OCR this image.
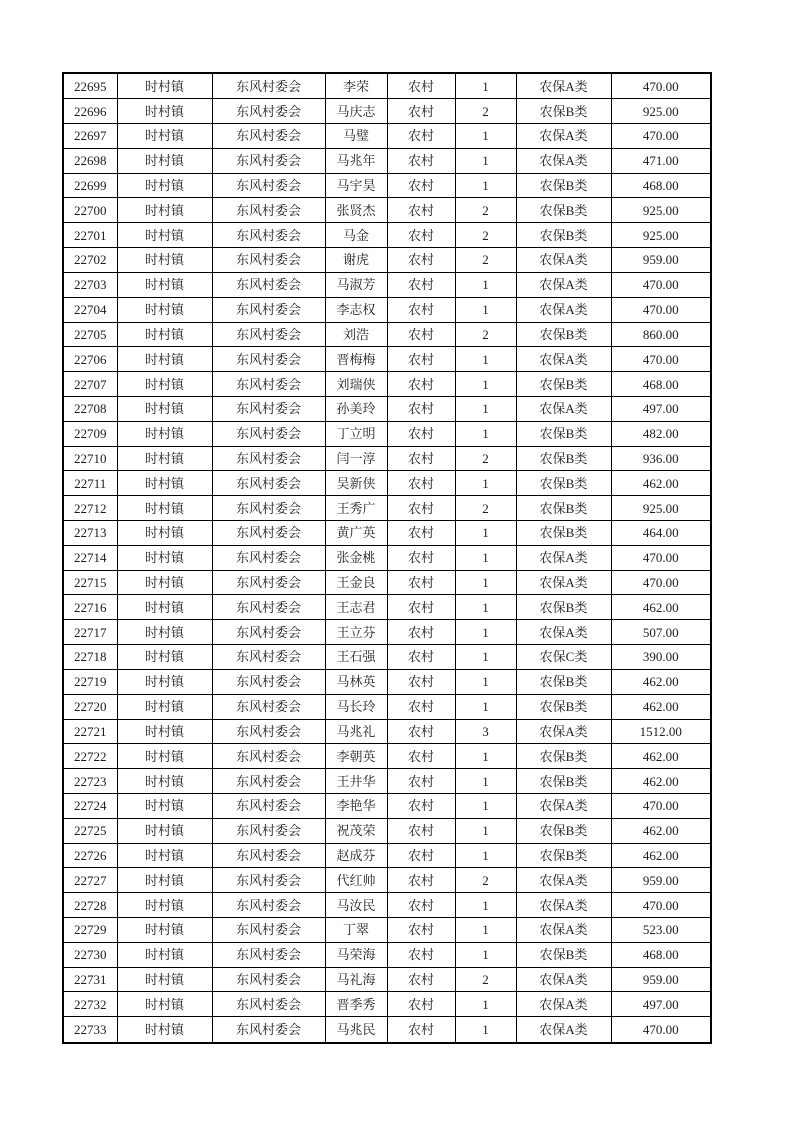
22695	时村镇	东风村委会	李荣	农村	1	农保A类	470.00
22696	时村镇	东风村委会	马庆志	农村	2	农保B类	925.00
22697	时村镇	东风村委会	马璧	农村	1	农保A类	470.00
22698	时村镇	东风村委会	马兆年	农村	1	农保A类	471.00
22699	时村镇	东风村委会	马宇昊	农村	1	农保B类	468.00
22700	时村镇	东风村委会	张贤杰	农村	2	农保B类	925.00
22701	时村镇	东风村委会	马金	农村	2	农保B类	925.00
22702	时村镇	东风村委会	谢虎	农村	2	农保A类	959.00
22703	时村镇	东风村委会	马淑芳	农村	1	农保A类	470.00
22704	时村镇	东风村委会	李志权	农村	1	农保A类	470.00
22705	时村镇	东风村委会	刘浩	农村	2	农保B类	860.00
22706	时村镇	东风村委会	晋梅梅	农村	1	农保A类	470.00
22707	时村镇	东风村委会	刘瑞侠	农村	1	农保B类	468.00
22708	时村镇	东风村委会	孙美玲	农村	1	农保A类	497.00
22709	时村镇	东风村委会	丁立明	农村	1	农保B类	482.00
22710	时村镇	东风村委会	闫一淳	农村	2	农保B类	936.00
22711	时村镇	东风村委会	吴新侠	农村	1	农保B类	462.00
22712	时村镇	东风村委会	王秀广	农村	2	农保B类	925.00
22713	时村镇	东风村委会	黄广英	农村	1	农保B类	464.00
22714	时村镇	东风村委会	张金桃	农村	1	农保A类	470.00
22715	时村镇	东风村委会	王金良	农村	1	农保A类	470.00
22716	时村镇	东风村委会	王志君	农村	1	农保B类	462.00
22717	时村镇	东风村委会	王立芬	农村	1	农保A类	507.00
22718	时村镇	东风村委会	王石强	农村	1	农保C类	390.00
22719	时村镇	东风村委会	马林英	农村	1	农保B类	462.00
22720	时村镇	东风村委会	马长玲	农村	1	农保B类	462.00
22721	时村镇	东风村委会	马兆礼	农村	3	农保A类	1512.00
22722	时村镇	东风村委会	李朝英	农村	1	农保B类	462.00
22723	时村镇	东风村委会	王井华	农村	1	农保B类	462.00
22724	时村镇	东风村委会	李艳华	农村	1	农保A类	470.00
22725	时村镇	东风村委会	祝茂荣	农村	1	农保B类	462.00
22726	时村镇	东风村委会	赵成芬	农村	1	农保B类	462.00
22727	时村镇	东风村委会	代红帅	农村	2	农保A类	959.00
22728	时村镇	东风村委会	马汝民	农村	1	农保A类	470.00
22729	时村镇	东风村委会	丁翠	农村	1	农保A类	523.00
22730	时村镇	东风村委会	马荣海	农村	1	农保B类	468.00
22731	时村镇	东风村委会	马礼海	农村	2	农保A类	959.00
22732	时村镇	东风村委会	晋季秀	农村	1	农保A类	497.00
22733	时村镇	东风村委会	马兆民	农村	1	农保A类	470.00
